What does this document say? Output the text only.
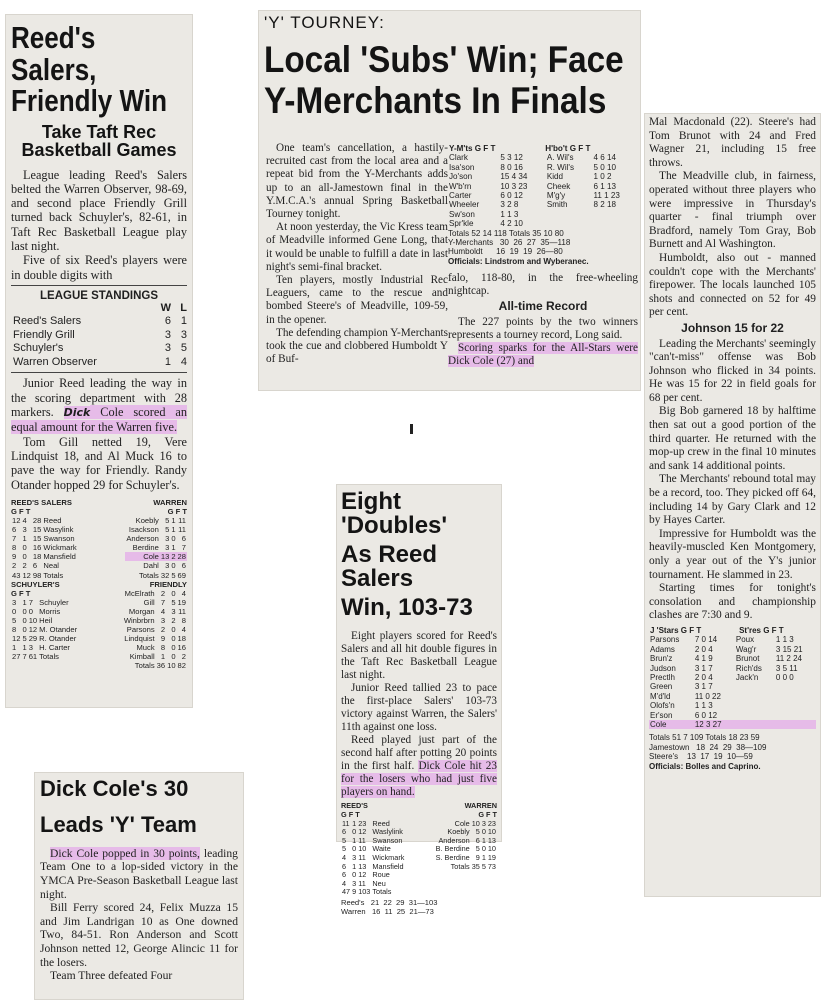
Reed's Salers, Friendly Win
Take Taft Rec Basketball Games

League leading Reed's Salers belted the Warren Observer, 98-69, and second place Friendly Grill turned back Schuyler's, 82-61, in Taft Rec Basketball League play last night.

Five of six Reed's players were in double digits with

LEAGUE STANDINGS
	W	L
Reed's Salers	6	1
Friendly Grill	3	3
Schuyler's	3	5
Warren Observer	1	4

Junior Reed leading the way in the scoring department with 28 markers. Dick Cole scored an equal amount for the Warren five.

Tom Gill netted 19, Vere Lindquist 18, and Al Muck 16 to pave the way for Friendly. Randy Otander hopped 29 for Schuyler's.

REED'S SALERS
G F T
12	4	28	Reed
6	3	15	Wasylink
7	1	15	Swanson
8	0	16	Wickmark
9	0	18	Mansfield
2	2	6	Neal
43	12	98	Totals
SCHUYLER'S
G F T
3	1	7	Schuyler
0	0	0	Morris
5	0	10	Heil
8	0	12	M. Otander
12	5	29	R. Otander
1	1	3	H. Carter
27	7	61	Totals
WARREN
G F T
Koebly	5	1	11
Isackson	5	1	11
Anderson	3	0	6
Berdine	3	1	7
Cole	13	2	28
Dahl	3	0	6
Totals	32	5	69
FRIENDLY
McElrath	2	0	4
Gill	7	5	19
Morgan	4	3	11
Winbrbrn	3	2	8
Parsons	2	0	4
Lindquist	9	0	18
Muck	8	0	16
Kimball	1	0	2
Totals	36	10	82
'Y' TOURNEY:
Local 'Subs' Win; Face
Y-Merchants In Finals

One team's cancellation, a hastily-recruited cast from the local area and a repeat bid from the Y-Merchants adds up to an all-Jamestown final in the Y.M.C.A.'s annual Spring Basketball Tourney tonight.

At noon yesterday, the Vic Kress team of Meadville informed Gene Long, that it would be unable to fulfill a date in last night's semi-final bracket.

Ten players, mostly Industrial Rec Leaguers, came to the rescue and bombed Steere's of Meadville, 109-59, in the opener.

The defending champion Y-Merchants took the cue and clobbered Humboldt Y of Buf-

Y-M'ts G F T	H'bo't G F T
Clark	5 3 12	A. Wil's	4 6 14
Isa'son	8 0 16	R. Wil's	5 0 10
Jo'son	15 4 34	Kidd	1 0 2
W'b'rn	10 3 23	Cheek	6 1 13
Carter	6 0 12	M'g'y	11 1 23
Wheeler	3 2 8	Smith	8 2 18
Sw'son	1 1 3		
Spr'kle	4 2 10		
Totals 52 14 118 Totals 35 10 80
Y-Merchants   30  26  27  35—118
Humboldt      16  19  19  26—80
Officials: Lindstrom and Wyberanec.

falo, 118-80, in the free-wheeling nightcap.

All-time Record

The 227 points by the two winners represents a tourney record, Long said.

Scoring sparks for the All-Stars were Dick Cole (27) and

Mal Macdonald (22). Steere's had Tom Brunot with 24 and Fred Wagner 21, including 15 free throws.

The Meadville club, in fairness, operated without three players who were impressive in Thursday's quarter - final triumph over Bradford, namely Tom Gray, Bob Burnett and Al Washington.

Humboldt, also out - manned couldn't cope with the Merchants' firepower. The locals launched 105 shots and connected on 52 for 49 per cent.

Johnson 15 for 22

Leading the Merchants' seemingly "can't-miss" offense was Bob Johnson who flicked in 34 points. He was 15 for 22 in field goals for 68 per cent.

Big Bob garnered 18 by halftime then sat out a good portion of the third quarter. He returned with the mop-up crew in the final 10 minutes and sank 14 additional points.

The Merchants' rebound total may be a record, too. They picked off 64, including 14 by Gary Clark and 12 by Hayes Carter.

Impressive for Humboldt was the heavily-muscled Ken Montgomery, only a year out of the Y's junior tournament. He slammed in 23.

Starting times for tonight's consolation and championship clashes are 7:30 and 9.

J 'Stars G F T	St'res G F T
Parsons	7 0 14	Poux	1 1 3
Adams	2 0 4	Wag'r	3 15 21
Brun'z	4 1 9	Brunot	11 2 24
Judson	3 1 7	Rich'ds	3 5 11
Prectlh	2 0 4	Jack'n	0 0 0
Green	3 1 7		
M'd'ld	11 0 22		
Olofs'n	1 1 3		
Er'son	6 0 12		
Cole	12 3 27		
Totals 51 7 109 Totals 18 23 59
Jamestown   18  24  29  38—109
Steere's    13  17  19  10—59
Officials: Bolles and Caprino.
Eight 'Doubles'
As Reed Salers
Win, 103-73

Eight players scored for Reed's Salers and all hit double figures in the Taft Rec Basketball League last night.

Junior Reed tallied 23 to pace the first-place Salers' 103-73 victory against Warren, the Salers' 11th against one loss.

Reed played just part of the second half after potting 20 points in the first half. Dick Cole hit 23 for the losers who had just five players on hand.

REED'S
G F T
11	1	23	Reed
6	0	12	Waslylink
5	1	11	Swanson
5	0	10	Waite
4	3	11	Wickmark
6	1	13	Mansfield
6	0	12	Roue
4	3	11	Neu
47	9	103	Totals
WARREN
G F T
Cole	10	3	23
Koebly	5	0	10
Anderson	6	1	13
B. Berdine	5	0	10
S. Berdine	9	1	19
Totals	35	5	73
Reed's   21  22  29  31—103
Warren   16  11  25  21—73
Dick Cole's 30
Leads 'Y' Team

Dick Cole popped in 30 points, leading Team One to a lop-sided victory in the YMCA Pre-Season Basketball League last night.

Bill Ferry scored 24, Felix Muzza 15 and Jim Landrigan 10 as One downed Two, 84-51. Ron Anderson and Scott Johnson netted 12, George Alincic 11 for the losers.

Team Three defeated Four
